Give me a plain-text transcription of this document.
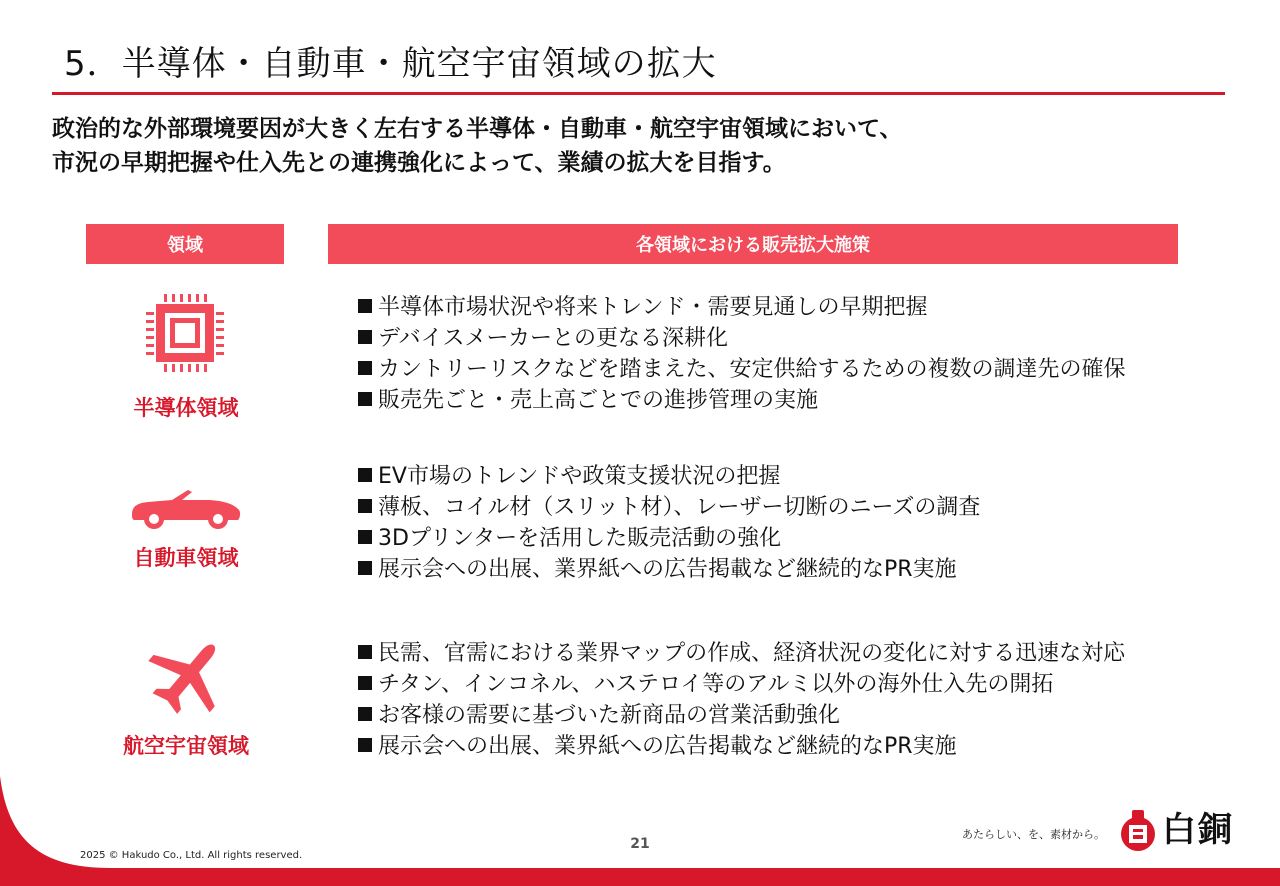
5．半導体・自動車・航空宇宙領域の拡大
政治的な外部環境要因が大きく左右する半導体・自動車・航空宇宙領域において、
市況の早期把握や仕入先との連携強化によって、業績の拡大を目指す。
領域	各領域における販売拡大施策
半導体領域
半導体市場状況や将来トレンド・需要見通しの早期把握
デバイスメーカーとの更なる深耕化
カントリーリスクなどを踏まえた、安定供給するための複数の調達先の確保
販売先ごと・売上高ごとでの進捗管理の実施
自動車領域
EV市場のトレンドや政策支援状況の把握
薄板、コイル材（スリット材）、レーザー切断のニーズの調査
3Dプリンターを活用した販売活動の強化
展示会への出展、業界紙への広告掲載など継続的なPR実施
航空宇宙領域
民需、官需における業界マップの作成、経済状況の変化に対する迅速な対応
チタン、インコネル、ハステロイ等のアルミ以外の海外仕入先の開拓
お客様の需要に基づいた新商品の営業活動強化
展示会への出展、業界紙への広告掲載など継続的なPR実施
2025 © Hakudo Co., Ltd. All rights reserved.
21
あたらしい、を、素材から。 白銅
